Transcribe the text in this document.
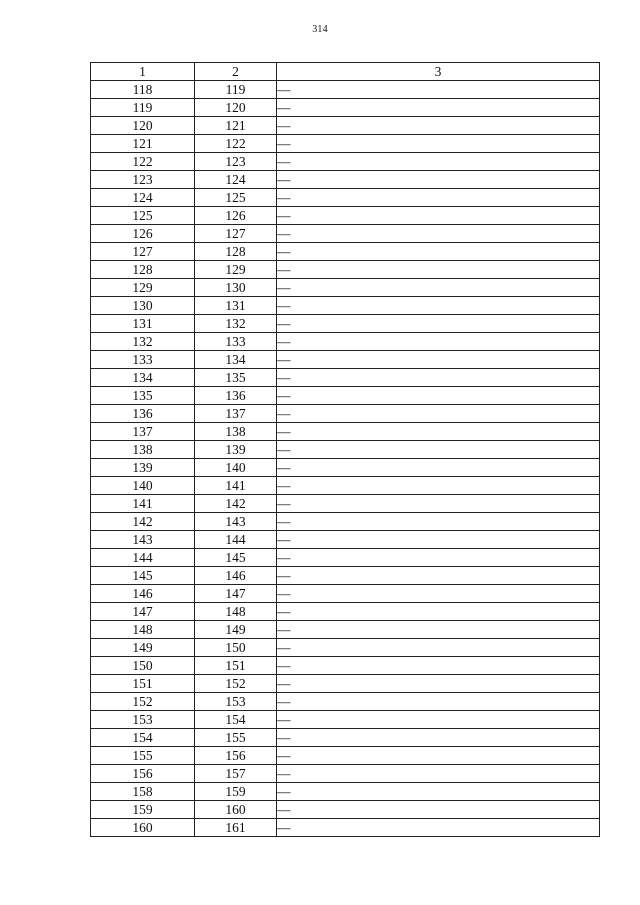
314
1	2	3
118	119	—
119	120	—
120	121	—
121	122	—
122	123	—
123	124	—
124	125	—
125	126	—
126	127	—
127	128	—
128	129	—
129	130	—
130	131	—
131	132	—
132	133	—
133	134	—
134	135	—
135	136	—
136	137	—
137	138	—
138	139	—
139	140	—
140	141	—
141	142	—
142	143	—
143	144	—
144	145	—
145	146	—
146	147	—
147	148	—
148	149	—
149	150	—
150	151	—
151	152	—
152	153	—
153	154	—
154	155	—
155	156	—
156	157	—
158	159	—
159	160	—
160	161	—
